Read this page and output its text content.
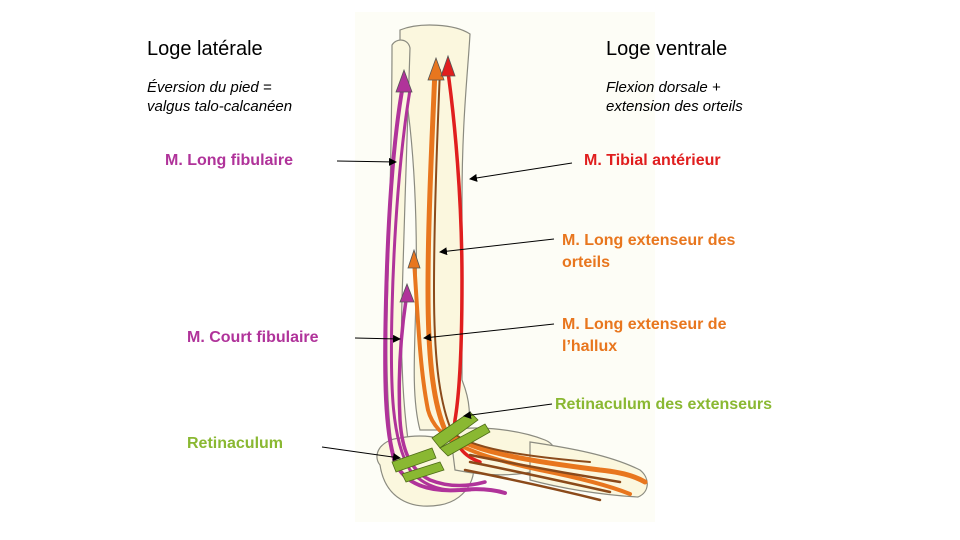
Loge latérale
Éversion du pied =
valgus talo-calcanéen
Loge ventrale
Flexion dorsale +
extension des orteils
M. Long fibulaire
M. Court fibulaire
Retinaculum
M. Tibial antérieur
M. Long extenseur des
orteils
M. Long extenseur de
l’hallux
Retinaculum des extenseurs
